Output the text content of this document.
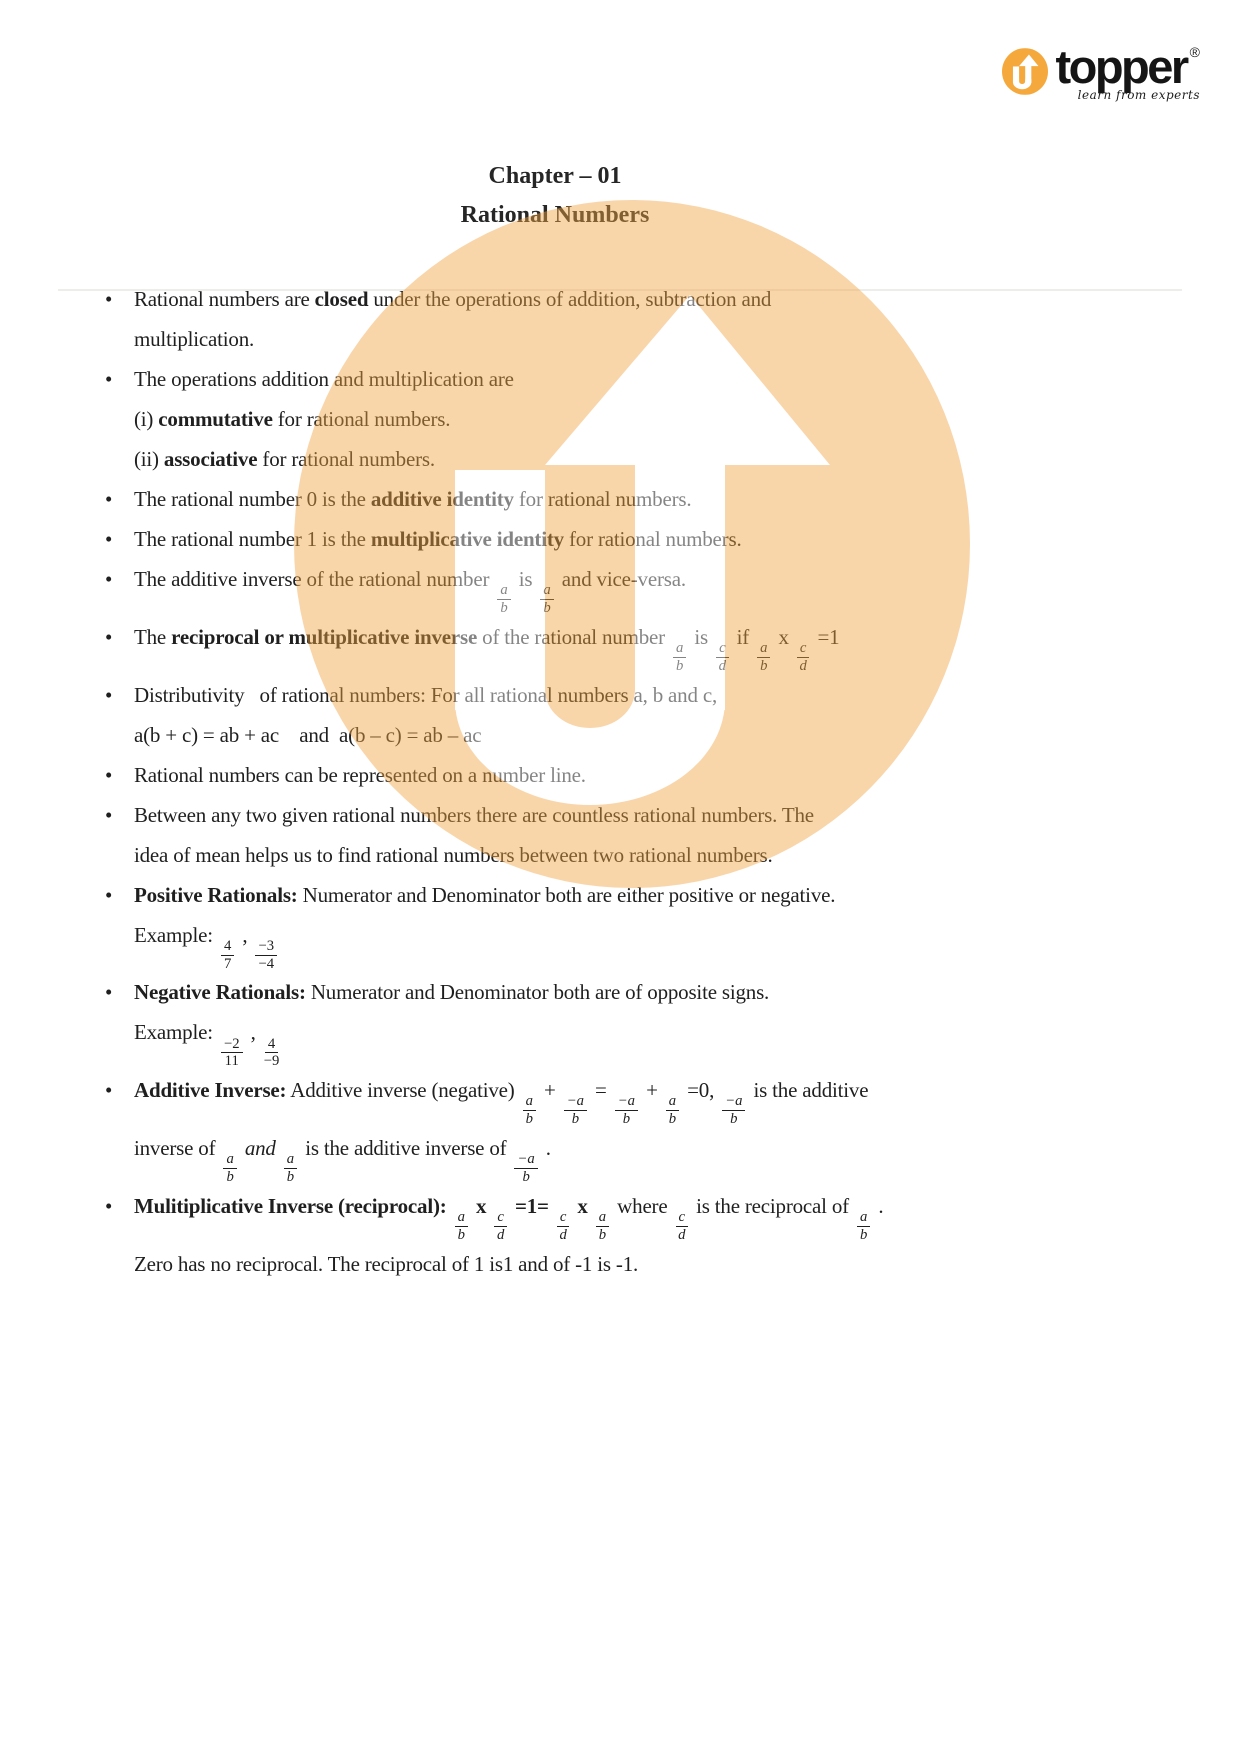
topper ®
learn from experts
Chapter – 01
Rational Numbers
•	Rational numbers are closed under the operations of addition, subtraction and
multiplication.
•	The operations addition and multiplication are
(i) commutative for rational numbers.
(ii) associative for rational numbers.
•	The rational number 0 is the additive identity for rational numbers.
•	The rational number 1 is the multiplicative identity for rational numbers.
•	The additive inverse of the rational number
$\frac{a}{b}$
is
$\frac{a}{b}$
and vice-versa.
•	The reciprocal or multiplicative inverse of the rational number
$\frac{a}{b}$
is
$\frac{c}{d}$
if
$\frac{a}{b}$
x
$\frac{c}{d}$
=1
•	Distributivity   of rational numbers: For all rational numbers a, b and c,
a(b + c) = ab + ac    and  a(b – c) = ab – ac
•	Rational numbers can be represented on a number line.
•	Between any two given rational numbers there are countless rational numbers. The
idea of mean helps us to find rational numbers between two rational numbers.
•	Positive Rationals: Numerator and Denominator both are either positive or negative.
Example:
$\frac{4}{7}$
,
$\frac{-3}{-4}$
•	Negative Rationals: Numerator and Denominator both are of opposite signs.
Example:
$\frac{-2}{11}$
,
$\frac{4}{-9}$
•	Additive Inverse: Additive inverse (negative)
$\frac{a}{b}$
+
$\frac{-a}{b}$
=
$\frac{-a}{b}$
+
$\frac{a}{b}$
=0,
$\frac{-a}{b}$
is the additive
inverse of
$\frac{a}{b}$
and
$\frac{a}{b}$
is the additive inverse of
$\frac{-a}{b}$
.
•	Mulitiplicative Inverse (reciprocal):
$\frac{a}{b}$
x
$\frac{c}{d}$
=1=
$\frac{c}{d}$
x
$\frac{a}{b}$
where
$\frac{c}{d}$
is the reciprocal of
$\frac{a}{b}$
.
Zero has no reciprocal. The reciprocal of 1 is1 and of -1 is -1.
